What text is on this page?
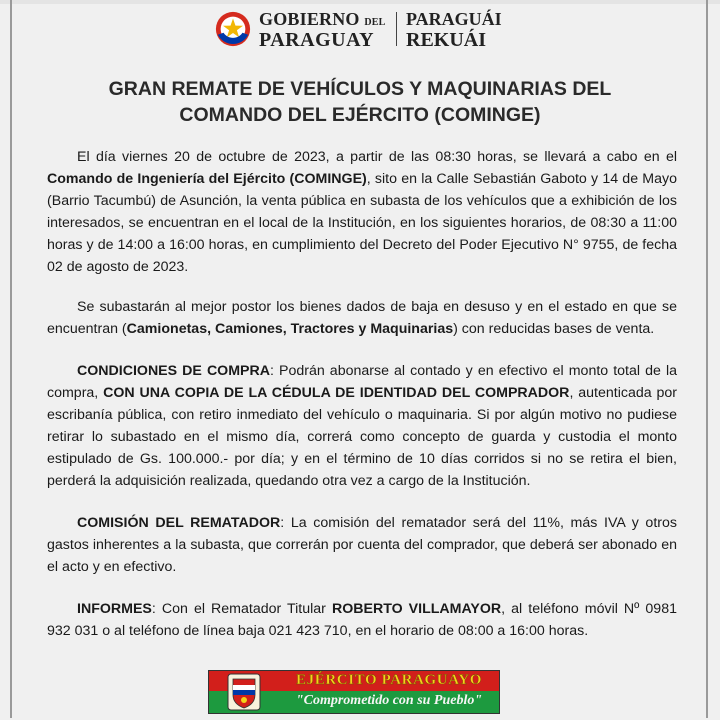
GOBIERNO DEL
PARAGUAY
PARAGUÁI
REKUÁI
GRAN REMATE DE VEHÍCULOS Y MAQUINARIAS DEL
COMANDO DEL EJÉRCITO (COMINGE)
El día viernes 20 de octubre de 2023, a partir de las 08:30 horas, se llevará a cabo en el Comando de Ingeniería del Ejército (COMINGE), sito en la Calle Sebastián Gaboto y 14 de Mayo (Barrio Tacumbú) de Asunción, la venta pública en subasta de los vehículos que a exhibición de los interesados, se encuentran en el local de la Institución, en los siguientes horarios, de 08:30 a 11:00 horas y de 14:00 a 16:00 horas, en cumplimiento del Decreto del Poder Ejecutivo N° 9755, de fecha 02 de agosto de 2023.
Se subastarán al mejor postor los bienes dados de baja en desuso y en el estado en que se encuentran (Camionetas, Camiones, Tractores y Maquinarias) con reducidas bases de venta.
CONDICIONES DE COMPRA: Podrán abonarse al contado y en efectivo el monto total de la compra, CON UNA COPIA DE LA CÉDULA DE IDENTIDAD DEL COMPRADOR, autenticada por escribanía pública, con retiro inmediato del vehículo o maquinaria. Si por algún motivo no pudiese retirar lo subastado en el mismo día, correrá como concepto de guarda y custodia el monto estipulado de Gs. 100.000.- por día; y en el término de 10 días corridos si no se retira el bien, perderá la adquisición realizada, quedando otra vez a cargo de la Institución.
COMISIÓN DEL REMATADOR: La comisión del rematador será del 11%, más IVA y otros gastos inherentes a la subasta, que correrán por cuenta del comprador, que deberá ser abonado en el acto y en efectivo.
INFORMES: Con el Rematador Titular ROBERTO VILLAMAYOR, al teléfono móvil Nº 0981 932 031 o al teléfono de línea baja 021 423 710, en el horario de 08:00 a 16:00 horas.
EJÉRCITO PARAGUAYO
"Comprometido con su Pueblo"
